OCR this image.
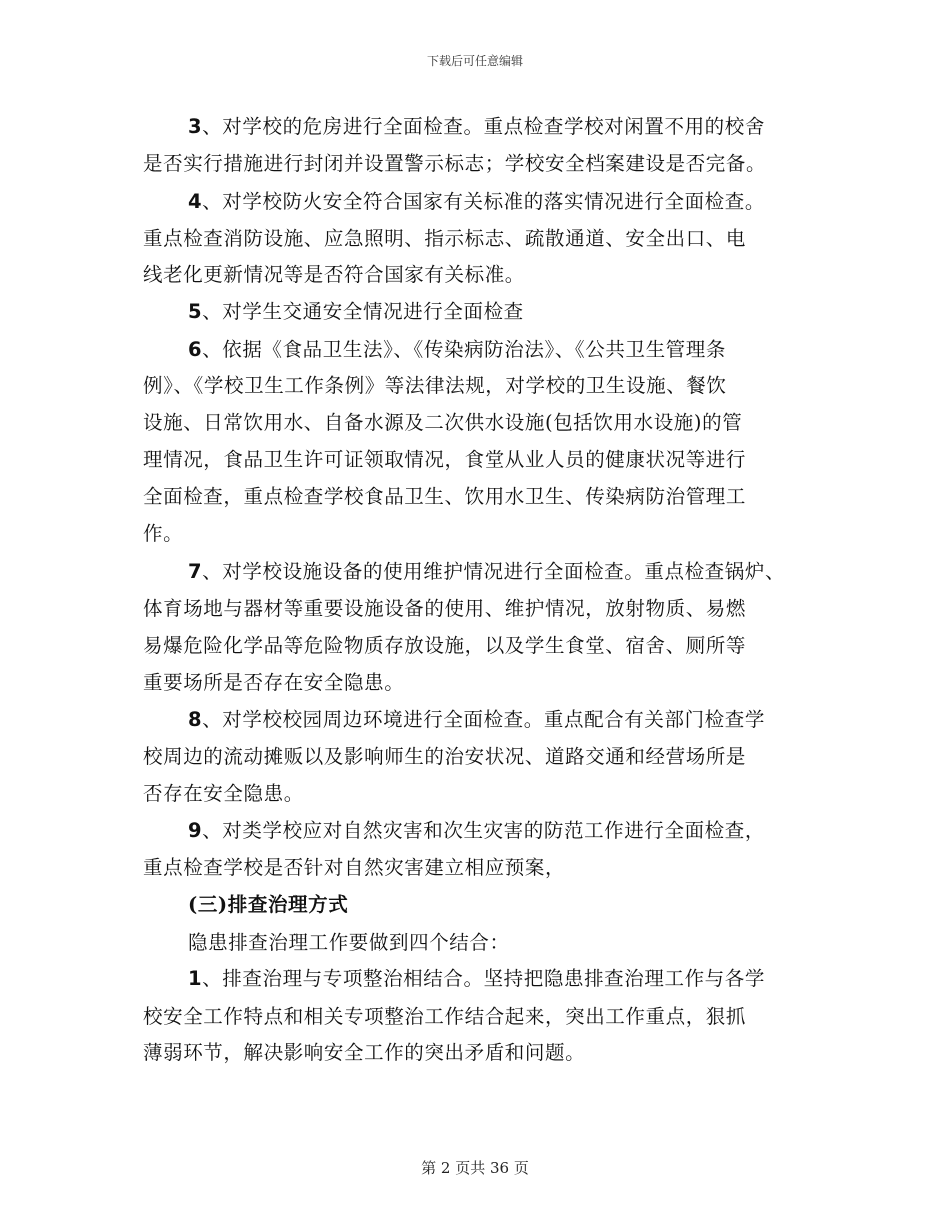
下载后可任意编辑
3、对学校的危房进行全面检查。重点检查学校对闲置不用的校舍
是否实行措施进行封闭并设置警示标志；学校安全档案建设是否完备。
4、对学校防火安全符合国家有关标准的落实情况进行全面检查。
重点检查消防设施、应急照明、指示标志、疏散通道、安全出口、电
线老化更新情况等是否符合国家有关标准。
5、对学生交通安全情况进行全面检查
6、依据《食品卫生法》、《传染病防治法》、《公共卫生管理条
例》、《学校卫生工作条例》等法律法规，对学校的卫生设施、餐饮
设施、日常饮用水、自备水源及二次供水设施(包括饮用水设施)的管
理情况，食品卫生许可证领取情况，食堂从业人员的健康状况等进行
全面检查，重点检查学校食品卫生、饮用水卫生、传染病防治管理工
作。
7、对学校设施设备的使用维护情况进行全面检查。重点检查锅炉、
体育场地与器材等重要设施设备的使用、维护情况，放射物质、易燃
易爆危险化学品等危险物质存放设施，以及学生食堂、宿舍、厕所等
重要场所是否存在安全隐患。
8、对学校校园周边环境进行全面检查。重点配合有关部门检查学
校周边的流动摊贩以及影响师生的治安状况、道路交通和经营场所是
否存在安全隐患。
9、对类学校应对自然灾害和次生灾害的防范工作进行全面检查，
重点检查学校是否针对自然灾害建立相应预案，
(三)排查治理方式
隐患排查治理工作要做到四个结合：
1、排查治理与专项整治相结合。坚持把隐患排查治理工作与各学
校安全工作特点和相关专项整治工作结合起来，突出工作重点，狠抓
薄弱环节，解决影响安全工作的突出矛盾和问题。
第 2 页共 36 页
